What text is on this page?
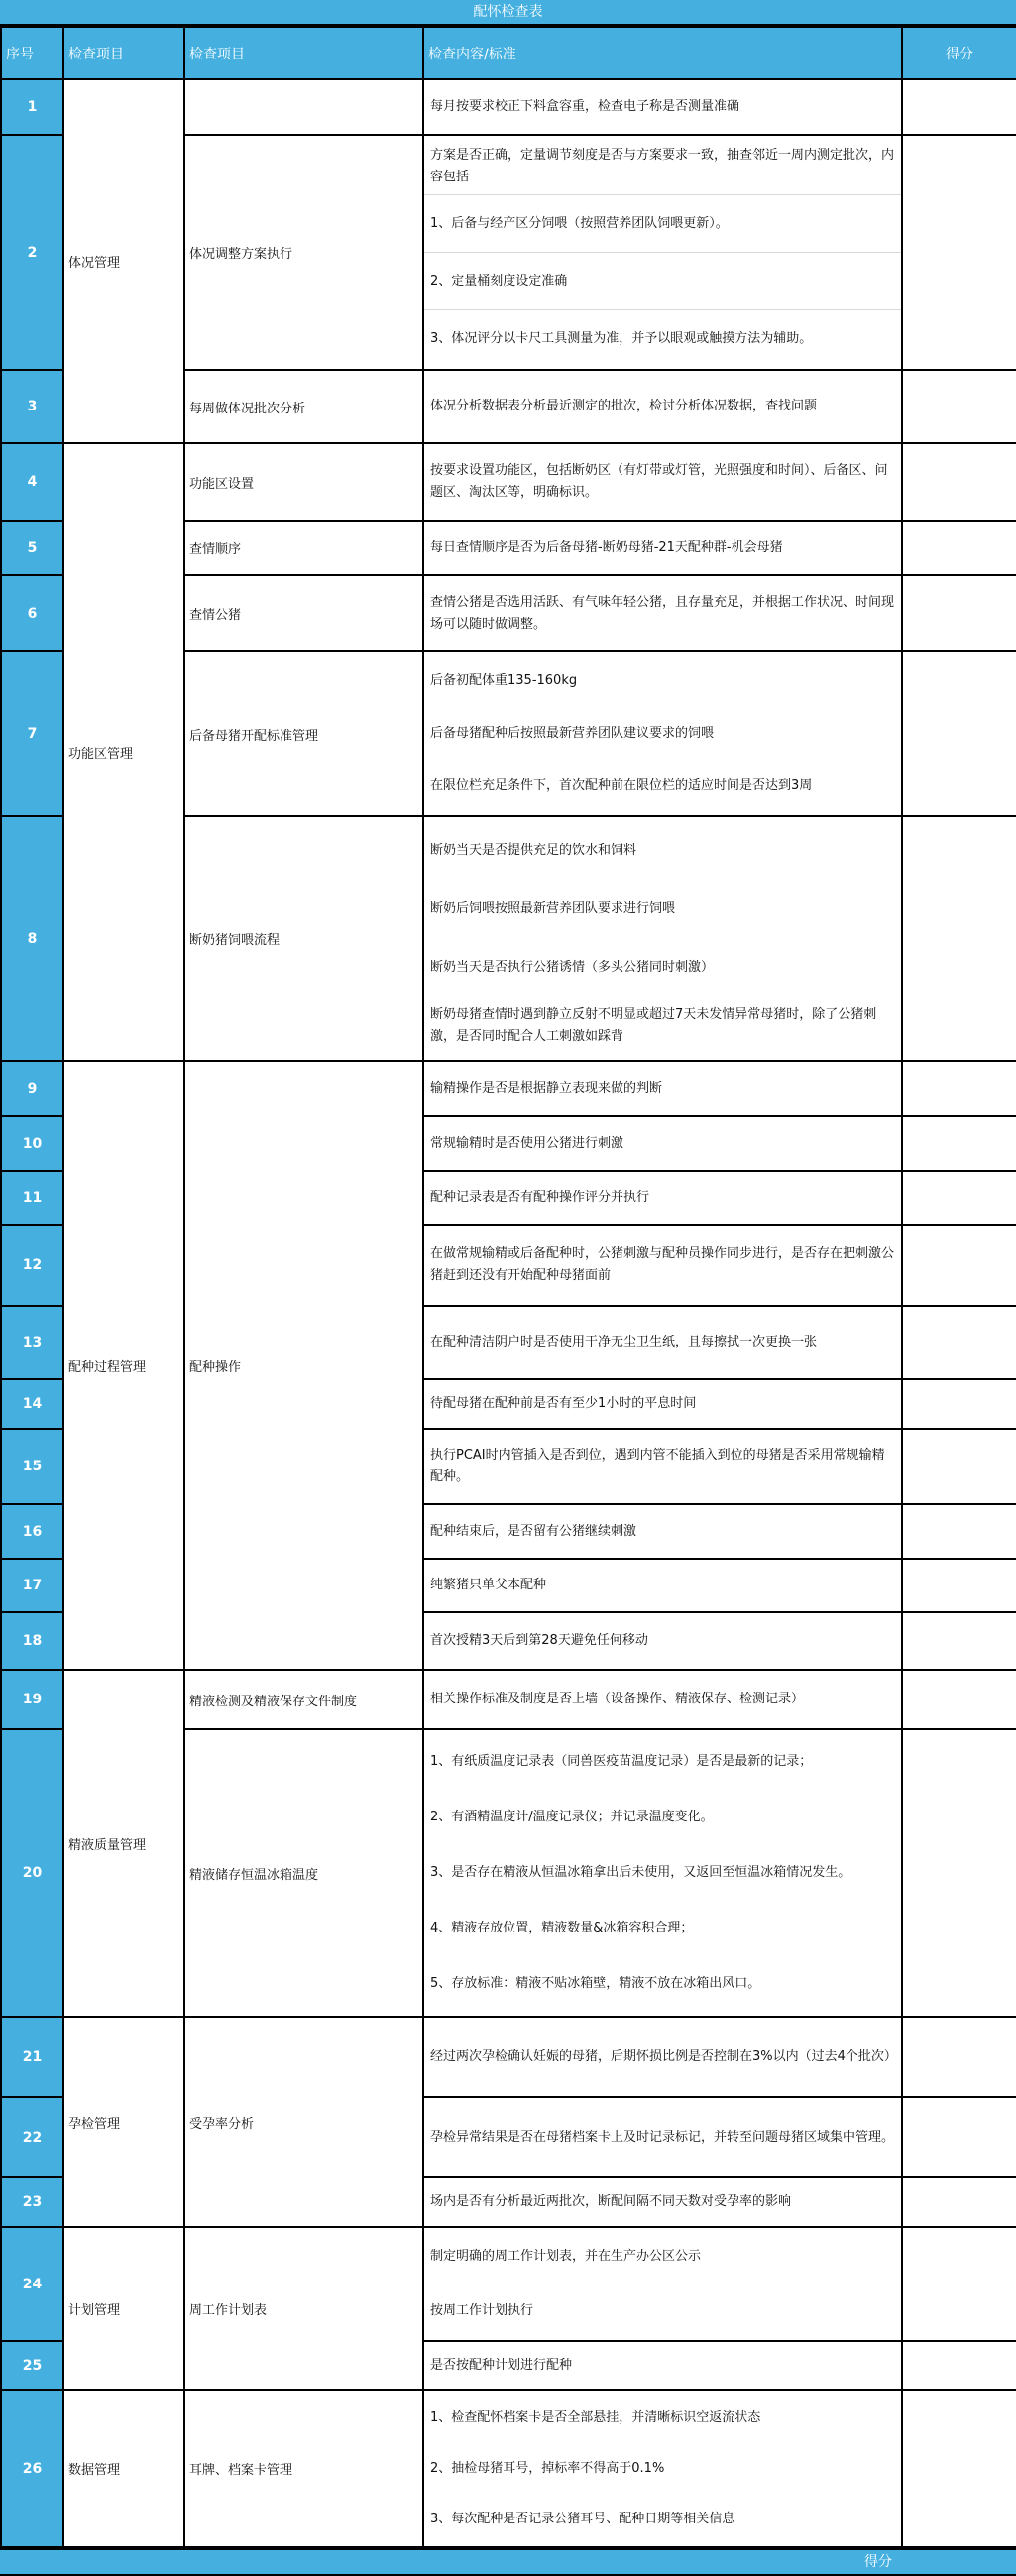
配怀检查表
序号	检查项目	检查项目	检查内容/标准	得分
1	体况管理		每月按要求校正下料盒容重，检查电子称是否测量准确	

2		体况调整方案执行	方案是否正确，定量调节刻度是否与方案要求一致，抽查邻近一周内测定批次，内容包括
1、后备与经产区分饲喂（按照营养团队饲喂更新）。
2、定量桶刻度设定准确
3、体况评分以卡尺工具测量为准，并予以眼观或触摸方法为辅助。	

3		每周做体况批次分析	体况分析数据表分析最近测定的批次，检讨分析体况数据，查找问题	

4	功能区管理	功能区设置	按要求设置功能区，包括断奶区（有灯带或灯管，光照强度和时间）、后备区、问题区、淘汰区等，明确标识。	

5		查情顺序	每日查情顺序是否为后备母猪-断奶母猪-21天配种群-机会母猪	

6		查情公猪	查情公猪是否选用活跃、有气味年轻公猪，且存量充足，并根据工作状况、时间现场可以随时做调整。	

7		后备母猪开配标准管理	后备初配体重135-160kg
后备母猪配种后按照最新营养团队建议要求的饲喂
在限位栏充足条件下，首次配种前在限位栏的适应时间是否达到3周	

8		断奶猪饲喂流程	断奶当天是否提供充足的饮水和饲料
断奶后饲喂按照最新营养团队要求进行饲喂
断奶当天是否执行公猪诱情（多头公猪同时刺激）
断奶母猪查情时遇到静立反射不明显或超过7天未发情异常母猪时，除了公猪刺激，是否同时配合人工刺激如踩背	

9	配种过程管理	配种操作	输精操作是否是根据静立表现来做的判断	

10			常规输精时是否使用公猪进行刺激	

11			配种记录表是否有配种操作评分并执行	

12			在做常规输精或后备配种时，公猪刺激与配种员操作同步进行，是否存在把刺激公猪赶到还没有开始配种母猪面前	

13			在配种清洁阴户时是否使用干净无尘卫生纸，且每擦拭一次更换一张	

14			待配母猪在配种前是否有至少1小时的平息时间	

15			执行PCAI时内管插入是否到位，遇到内管不能插入到位的母猪是否采用常规输精配种。	

16			配种结束后，是否留有公猪继续刺激	

17			纯繁猪只单父本配种	

18			首次授精3天后到第28天避免任何移动	

19	精液质量管理	精液检测及精液保存文件制度	相关操作标准及制度是否上墙（设备操作、精液保存、检测记录）	

20		精液储存恒温冰箱温度	1、有纸质温度记录表（同兽医疫苗温度记录）是否是最新的记录；
2、有酒精温度计/温度记录仪；并记录温度变化。
3、是否存在精液从恒温冰箱拿出后未使用，又返回至恒温冰箱情况发生。
4、精液存放位置，精液数量&冰箱容积合理；
5、存放标准：精液不贴冰箱壁，精液不放在冰箱出风口。	

21	孕检管理	受孕率分析	经过两次孕检确认妊娠的母猪，后期怀损比例是否控制在3%以内（过去4个批次）	

22			孕检异常结果是否在母猪档案卡上及时记录标记，并转至问题母猪区域集中管理。	

23			场内是否有分析最近两批次，断配间隔不同天数对受孕率的影响	

24	计划管理	周工作计划表	制定明确的周工作计划表，并在生产办公区公示
按周工作计划执行	

25			是否按配种计划进行配种	

26	数据管理	耳牌、档案卡管理	1、检查配怀档案卡是否全部悬挂，并清晰标识空返流状态
2、抽检母猪耳号，掉标率不得高于0.1%
3、每次配种是否记录公猪耳号、配种日期等相关信息	

得分
